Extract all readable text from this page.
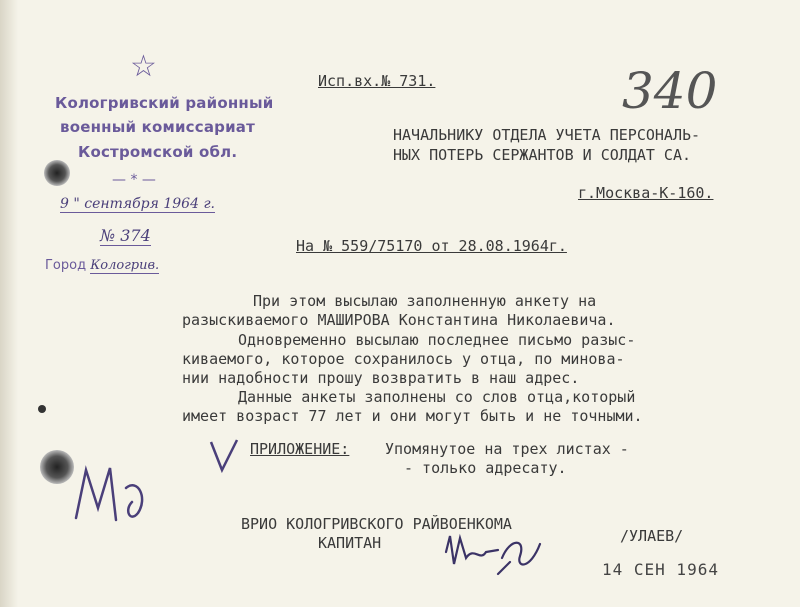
☆
Кологривский районный
военный комиссариат
Костромской обл.
— * —
9 " сентября 1964 г.
№ 374
Город Кологрив.
Исп.вх.№ 731.	340
НАЧАЛЬНИКУ ОТДЕЛА УЧЕТА ПЕРСОНАЛЬ-
НЫХ ПОТЕРЬ СЕРЖАНТОВ И СОЛДАТ СА.
г.Москва-К-160.
На № 559/75170 от 28.08.1964г.
При этом высылаю заполненную анкету на
разыскиваемого МАШИРОВА Константина Николаевича.
Одновременно высылаю последнее письмо разыс-
киваемого, которое сохранилось у отца, по минова-
нии надобности прошу возвратить в наш адрес.
Данные анкеты заполнены со слов отца,который
имеет возраст 77 лет и они могут быть и не точными.
ПРИЛОЖЕНИЕ: Упомянутое на трех листах -
- только адресату.
ВРИО КОЛОГРИВСКОГО РАЙВОЕНКОМА
КАПИТАН	/УЛАЕВ/
14 СЕН 1964
